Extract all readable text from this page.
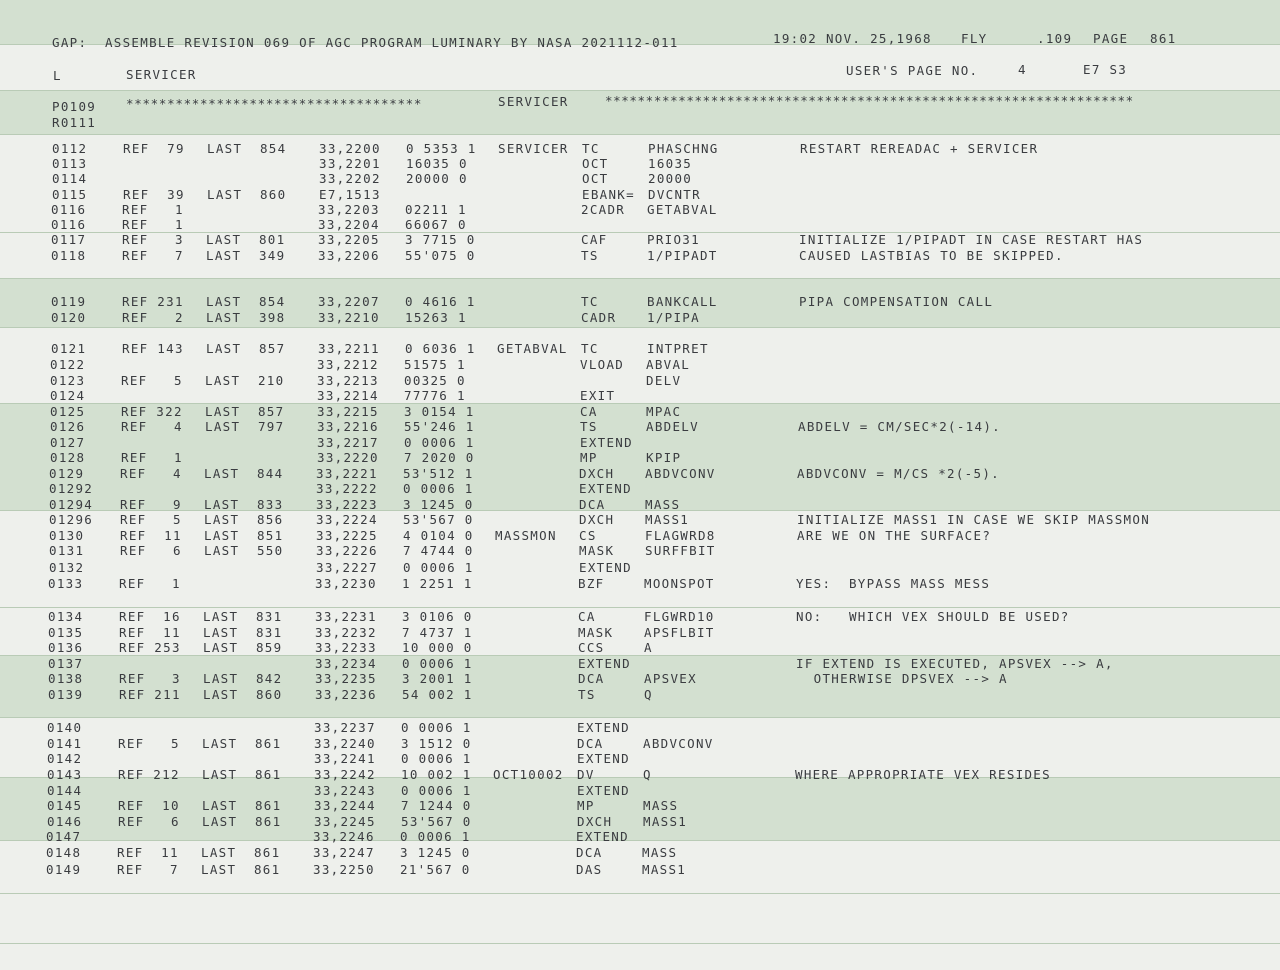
GAP:  ASSEMBLE REVISION 069 OF AGC PROGRAM LUMINARY BY NASA 2021112-011	19:02 NOV. 25,1968 FLY	.109 PAGE 861
L	SERVICER	USER'S PAGE NO.	4	E7 S3
P0109
R0111
************************************	SERVICER	*****************************************************************
0112	REF  79 LAST  854	33,2200 0 5353 1 SERVICER TC	PHASCHNG	RESTART REREADAC + SERVICER
0113	33,2201 16035 0	OCT	16035
0114	33,2202 20000 0	OCT	20000
0115	REF  39 LAST  860	E7,1513	EBANK= DVCNTR
0116	REF   1	33,2203 02211 1	2CADR GETABVAL
0116	REF   1	33,2204 66067 0
0117	REF   3 LAST  801	33,2205 3 7715 0	CAF	PRIO31	INITIALIZE 1/PIPADT IN CASE RESTART HAS
0118	REF   7 LAST  349	33,2206 55'075 0	TS	1/PIPADT	CAUSED LASTBIAS TO BE SKIPPED.
0119	REF 231 LAST  854	33,2207 0 4616 1	TC	BANKCALL	PIPA COMPENSATION CALL
0120	REF   2 LAST  398	33,2210 15263 1	CADR 1/PIPA
0121	REF 143 LAST  857	33,2211 0 6036 1 GETABVAL TC	INTPRET
0122	33,2212 51575 1	VLOAD ABVAL
0123	REF   5 LAST  210	33,2213 00325 0	DELV
0124	33,2214 77776 1	EXIT
0125	REF 322 LAST  857	33,2215 3 0154 1	CA	MPAC
0126	REF   4 LAST  797	33,2216 55'246 1	TS	ABDELV	ABDELV = CM/SEC*2(-14).
0127	33,2217 0 0006 1	EXTEND
0128	REF   1	33,2220 7 2020 0	MP	KPIP
0129	REF   4 LAST  844	33,2221 53'512 1	DXCH ABDVCONV	ABDVCONV = M/CS *2(-5).
01292	33,2222 0 0006 1	EXTEND
01294 REF   9 LAST  833	33,2223 3 1245 0	DCA	MASS
01296 REF   5 LAST  856	33,2224 53'567 0	DXCH MASS1	INITIALIZE MASS1 IN CASE WE SKIP MASSMON
0130	REF  11 LAST  851	33,2225 4 0104 0 MASSMON CS	FLAGWRD8	ARE WE ON THE SURFACE?
0131	REF   6 LAST  550	33,2226 7 4744 0	MASK SURFFBIT
0132	33,2227 0 0006 1	EXTEND
0133	REF   1	33,2230 1 2251 1	BZF	MOONSPOT	YES:  BYPASS MASS MESS
0134	REF  16 LAST  831	33,2231 3 0106 0	CA	FLGWRD10	NO:   WHICH VEX SHOULD BE USED?
0135	REF  11 LAST  831	33,2232 7 4737 1	MASK APSFLBIT
0136	REF 253 LAST  859	33,2233 10 000 0	CCS	A
0137	33,2234 0 0006 1	EXTEND	IF EXTEND IS EXECUTED, APSVEX --> A,
0138	REF   3 LAST  842	33,2235 3 2001 1	DCA	APSVEX	OTHERWISE DPSVEX --> A
0139	REF 211 LAST  860	33,2236 54 002 1	TS	Q
0140	33,2237 0 0006 1	EXTEND
0141	REF   5 LAST  861	33,2240 3 1512 0	DCA	ABDVCONV
0142	33,2241 0 0006 1	EXTEND
0143	REF 212 LAST  861	33,2242 10 002 1 OCT10002 DV	Q	WHERE APPROPRIATE VEX RESIDES
0144	33,2243 0 0006 1	EXTEND
0145	REF  10 LAST  861	33,2244 7 1244 0	MP	MASS
0146	REF   6 LAST  861	33,2245 53'567 0	DXCH MASS1
0147	33,2246 0 0006 1	EXTEND
0148	REF  11 LAST  861	33,2247 3 1245 0	DCA	MASS
0149	REF   7 LAST  861	33,2250 21'567 0	DAS	MASS1
